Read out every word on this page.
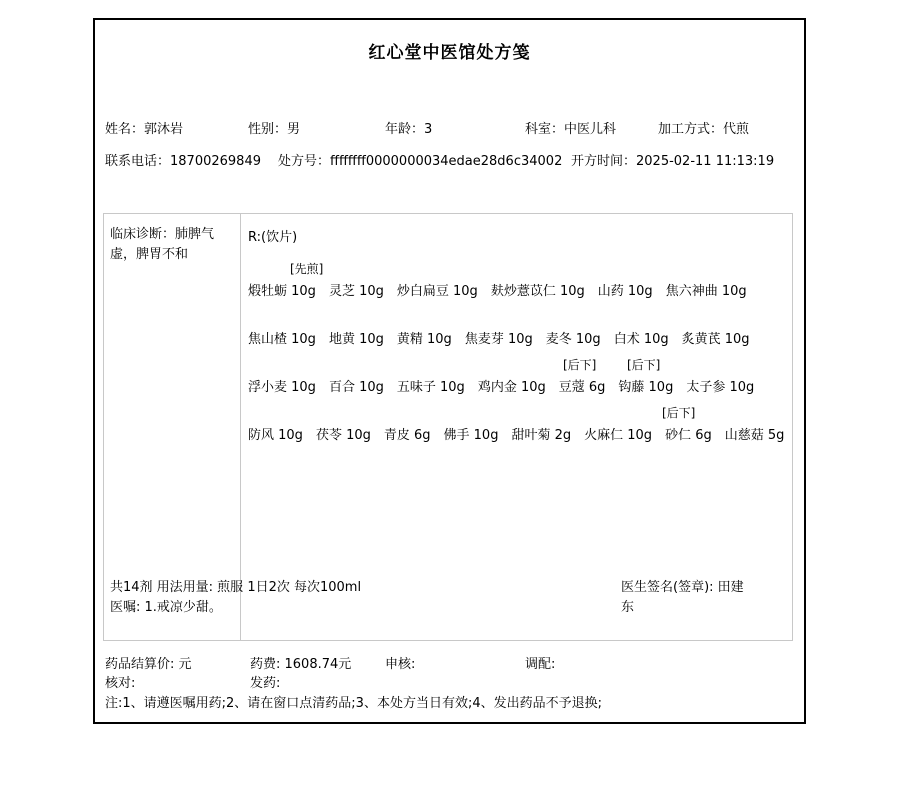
红心堂中医馆处方笺
姓名：郭沐岩	性别：男	年龄：3	科室：中医儿科	加工方式：代煎
联系电话：18700269849 处方号：ffffffff0000000034edae28d6c34002 开方时间：2025-02-11 11:13:19
临床诊断：肺脾气虚，脾胃不和
R:(饮片)
[先煎]
煅牡蛎 10g 灵芝 10g 炒白扁豆 10g 麸炒薏苡仁 10g 山药 10g 焦六神曲 10g
焦山楂 10g 地黄 10g 黄精 10g 焦麦芽 10g 麦冬 10g 白术 10g 炙黄芪 10g
[后下]	[后下]
浮小麦 10g 百合 10g 五味子 10g 鸡内金 10g 豆蔻 6g 钩藤 10g 太子参 10g
[后下]
防风 10g 茯苓 10g 青皮 6g 佛手 10g 甜叶菊 2g 火麻仁 10g 砂仁 6g 山慈菇 5g
共14剂 用法用量: 煎服 1日2次 每次100ml
医嘱: 1.戒凉少甜。
医生签名(签章): 田建东
药品结算价: 元	药费: 1608.74元	申核:	调配:
核对:	发药:
注:1、请遵医嘱用药;2、请在窗口点清药品;3、本处方当日有效;4、发出药品不予退换;
